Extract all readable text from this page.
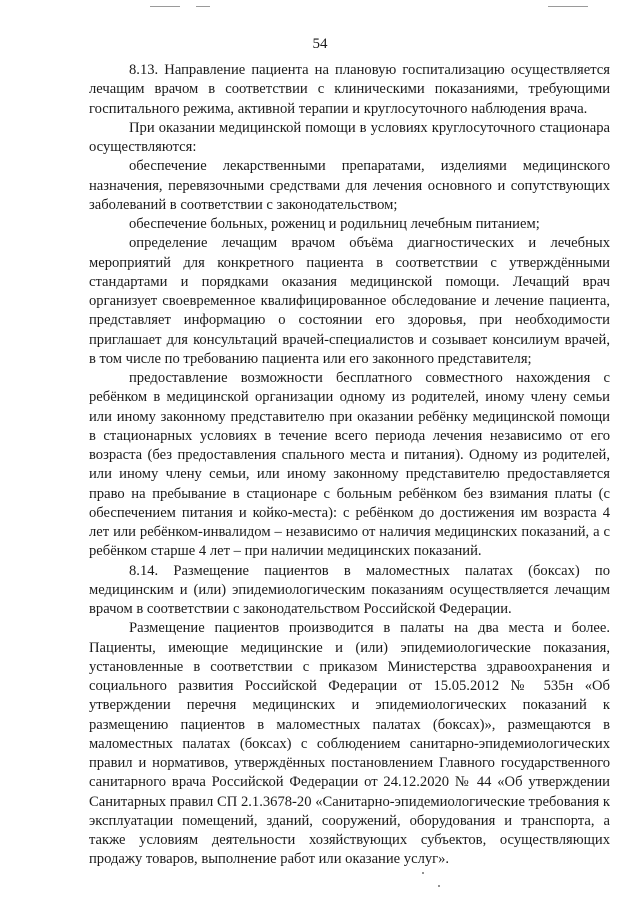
54

8.13. Направление пациента на плановую госпитализацию осуществляется лечащим врачом в соответствии с клиническими показаниями, требующими госпитального режима, активной терапии и круглосуточного наблюдения врача.

При оказании медицинской помощи в условиях круглосуточного стационара осуществляются:

обеспечение лекарственными препаратами, изделиями медицинского назначения, перевязочными средствами для лечения основного и сопутствующих заболеваний в соответствии с законодательством;

обеспечение больных, рожениц и родильниц лечебным питанием;

определение лечащим врачом объёма диагностических и лечебных мероприятий для конкретного пациента в соответствии с утверждёнными стандартами и порядками оказания медицинской помощи. Лечащий врач организует своевременное квалифицированное обследование и лечение пациента, представляет информацию о состоянии его здоровья, при необходимости приглашает для консультаций врачей-специалистов и созывает консилиум врачей, в том числе по требованию пациента или его законного представителя;

предоставление возможности бесплатного совместного нахождения с ребёнком в медицинской организации одному из родителей, иному члену семьи или иному законному представителю при оказании ребёнку медицинской помощи в стационарных условиях в течение всего периода лечения независимо от его возраста (без предоставления спального места и питания). Одному из родителей, или иному члену семьи, или иному законному представителю предоставляется право на пребывание в стационаре с больным ребёнком без взимания платы (с обеспечением питания и койко-места): с ребёнком до достижения им возраста 4 лет или ребёнком-инвалидом – независимо от наличия медицинских показаний, а с ребёнком старше 4 лет – при наличии медицинских показаний.

8.14. Размещение пациентов в маломестных палатах (боксах) по медицинским и (или) эпидемиологическим показаниям осуществляется лечащим врачом в соответствии с законодательством Российской Федерации.

Размещение пациентов производится в палаты на два места и более. Пациенты, имеющие медицинские и (или) эпидемиологические показания, установленные в соответствии с приказом Министерства здравоохранения и социального развития Российской Федерации от 15.05.2012 № 535н «Об утверждении перечня медицинских и эпидемиологических показаний к размещению пациентов в маломестных палатах (боксах)», размещаются в маломестных палатах (боксах) с соблюдением санитарно-эпидемиологических правил и нормативов, утверждённых постановлением Главного государственного санитарного врача Российской Федерации от 24.12.2020 № 44 «Об утверждении Санитарных правил СП 2.1.3678-20 «Санитарно-эпидемиологические требования к эксплуатации помещений, зданий, сооружений, оборудования и транспорта, а также условиям деятельности хозяйствующих субъектов, осуществляющих продажу товаров, выполнение работ или оказание услуг».
